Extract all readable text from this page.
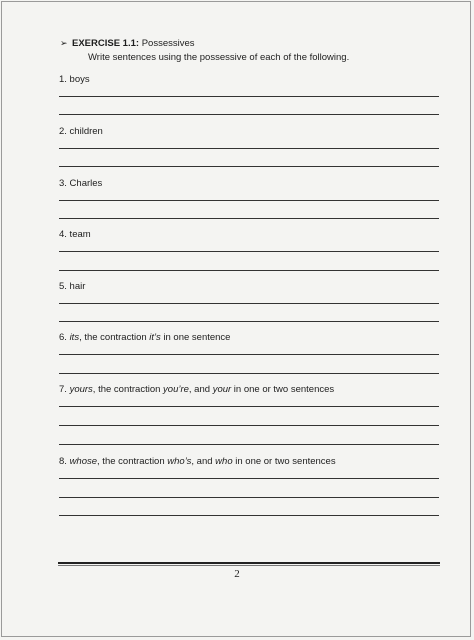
➢ EXERCISE 1.1: Possessives
Write sentences using the possessive of each of the following.
1. boys
2. children
3. Charles
4. team
5. hair
6. its, the contraction it’s in one sentence
7. yours, the contraction you’re, and your in one or two sentences
8. whose, the contraction who’s, and who in one or two sentences
2
